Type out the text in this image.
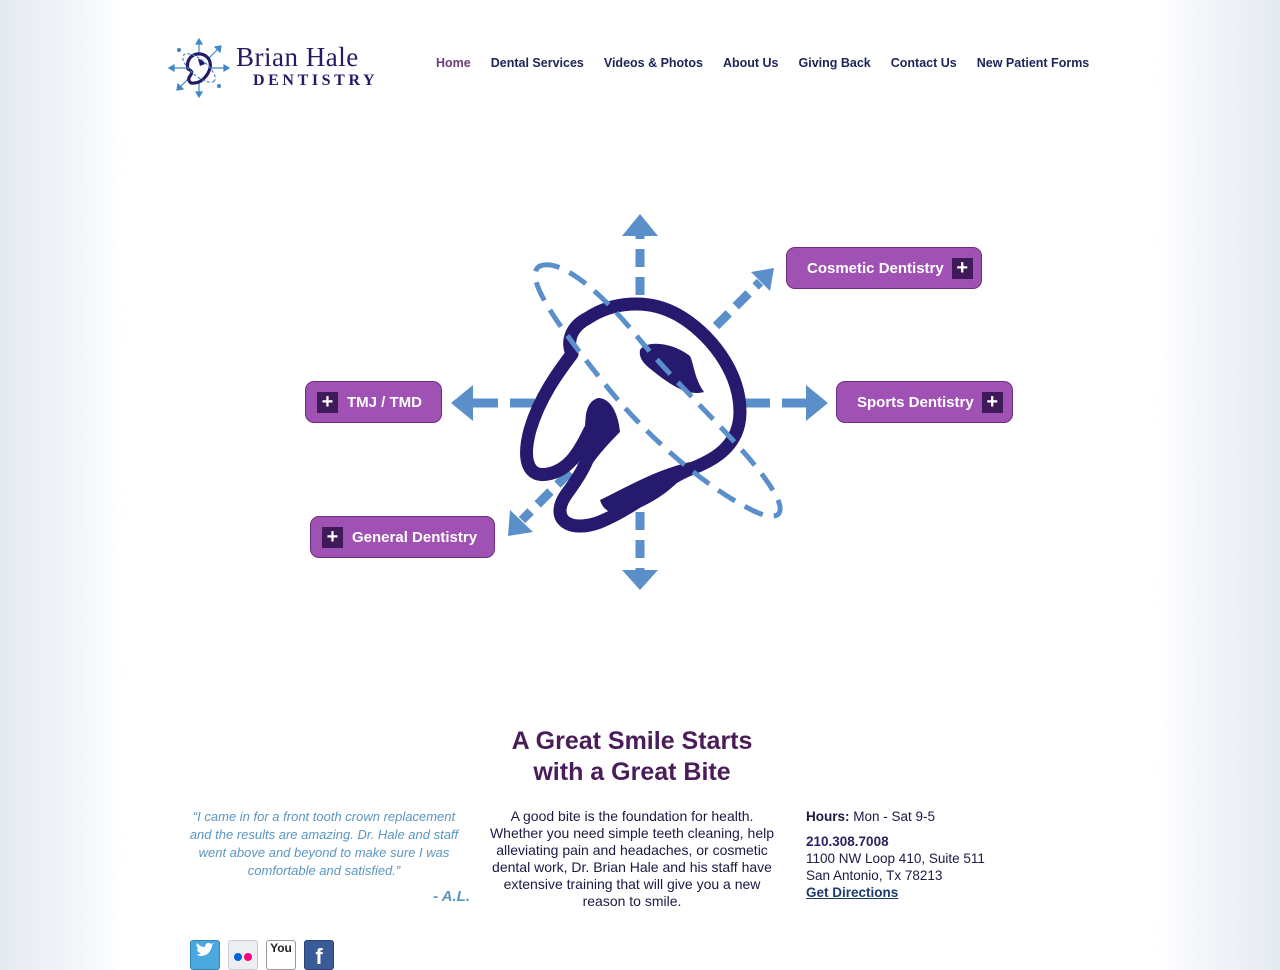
Brian Hale
DENTISTRY
Home Dental Services Videos & Photos About Us Giving Back Contact Us New Patient Forms
Cosmetic Dentistry +
Sports Dentistry +
+ TMJ / TMD
+ General Dentistry
A Great Smile Starts
with a Great Bite
“I came in for a front tooth crown replacement and the results are amazing. Dr. Hale and staff went above and beyond to make sure I was comfortable and satisfied.”
- A.L.
A good bite is the foundation for health. Whether you need simple teeth cleaning, help alleviating pain and headaches, or cosmetic dental work, Dr. Brian Hale and his staff have extensive training that will give you a new reason to smile.
Hours: Mon - Sat 9-5
210.308.7008
1100 NW Loop 410, Suite 511
San Antonio, Tx 78213
Get Directions
You f
